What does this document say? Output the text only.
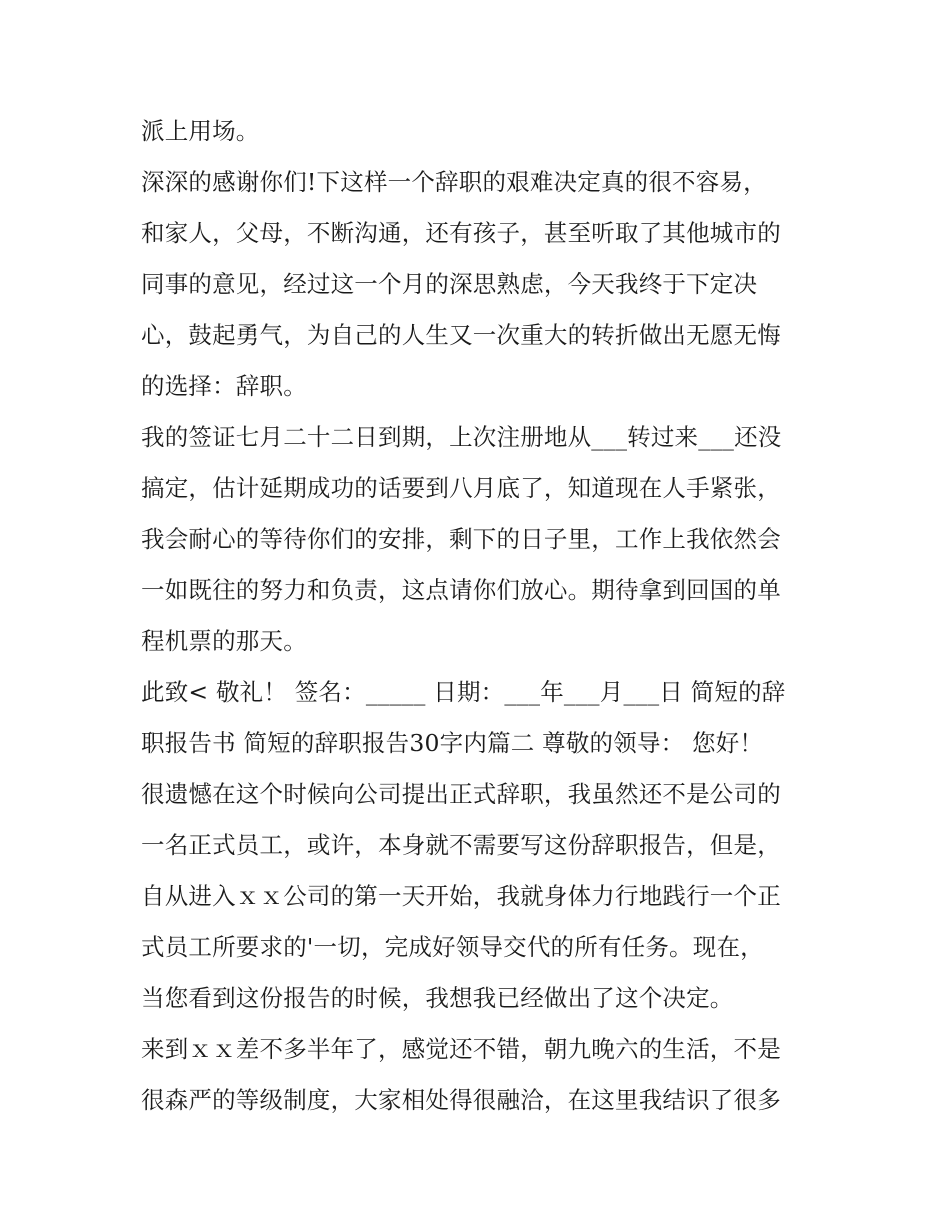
派上用场。
深深的感谢你们!下这样一个辞职的艰难决定真的很不容易，
和家人，父母，不断沟通，还有孩子，甚至听取了其他城市的
同事的意见，经过这一个月的深思熟虑，今天我终于下定决
心，鼓起勇气，为自己的人生又一次重大的转折做出无愿无悔
的选择：辞职。
我的签证七月二十二日到期，上次注册地从___转过来___还没
搞定，估计延期成功的话要到八月底了，知道现在人手紧张，
我会耐心的等待你们的安排，剩下的日子里，工作上我依然会
一如既往的努力和负责，这点请你们放心。期待拿到回国的单
程机票的那天。
此致< 敬礼！ 签名：_____ 日期：___年___月___日 简短的辞
职报告书 简短的辞职报告30字内篇二 尊敬的领导： 您好！
很遗憾在这个时候向公司提出正式辞职，我虽然还不是公司的
一名正式员工，或许，本身就不需要写这份辞职报告，但是，
自从进入ｘｘ公司的第一天开始，我就身体力行地践行一个正
式员工所要求的'一切，完成好领导交代的所有任务。现在，
当您看到这份报告的时候，我想我已经做出了这个决定。
来到ｘｘ差不多半年了，感觉还不错，朝九晚六的生活，不是
很森严的等级制度，大家相处得很融洽，在这里我结识了很多
